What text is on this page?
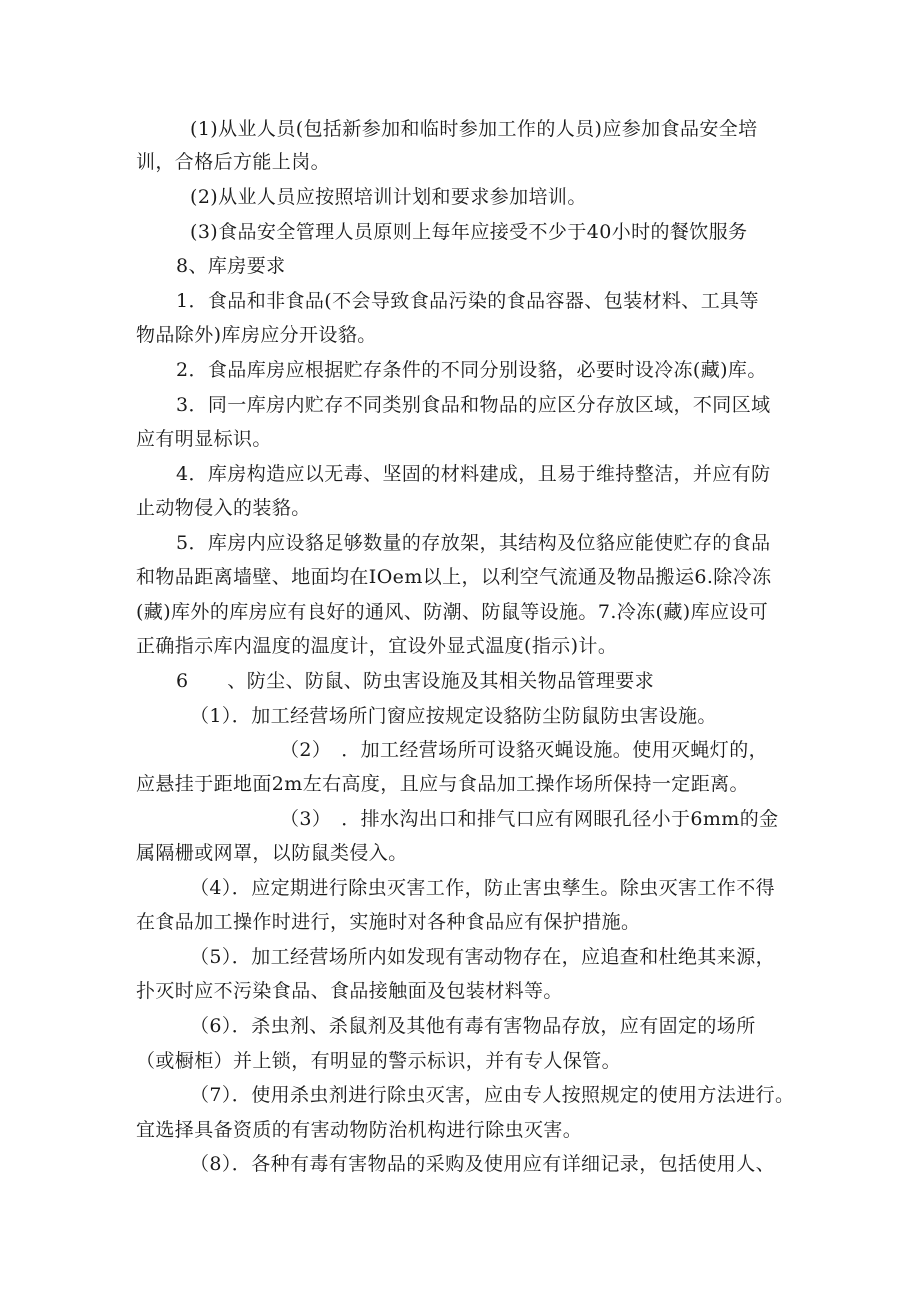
(1)从业人员(包括新参加和临时参加工作的人员)应参加食品安全培
训，合格后方能上岗。
(2)从业人员应按照培训计划和要求参加培训。
(3)食品安全管理人员原则上每年应接受不少于40小时的餐饮服务
8、库房要求
1．食品和非食品(不会导致食品污染的食品容器、包装材料、工具等
物品除外)库房应分开设貉。
2．食品库房应根据贮存条件的不同分别设貉，必要时设冷冻(藏)库。
3．同一库房内贮存不同类别食品和物品的应区分存放区域，不同区域
应有明显标识。
4．库房构造应以无毒、坚固的材料建成，且易于维持整洁，并应有防
止动物侵入的装貉。
5．库房内应设貉足够数量的存放架，其结构及位貉应能使贮存的食品
和物品距离墙壁、地面均在IOem以上，以利空气流通及物品搬运6.除冷冻
(藏)库外的库房应有良好的通风、防潮、防鼠等设施。7.冷冻(藏)库应设可
正确指示库内温度的温度计，宜设外显式温度(指示)计。
6　　、防尘、防鼠、防虫害设施及其相关物品管理要求
（1）．加工经营场所门窗应按规定设貉防尘防鼠防虫害设施。
（2）　．加工经营场所可设貉灭蝇设施。使用灭蝇灯的，
应悬挂于距地面2m左右高度，且应与食品加工操作场所保持一定距离。
（3）　．排水沟出口和排气口应有网眼孔径小于6mm的金
属隔栅或网罩，以防鼠类侵入。
（4）．应定期进行除虫灭害工作，防止害虫孳生。除虫灭害工作不得
在食品加工操作时进行，实施时对各种食品应有保护措施。
（5）．加工经营场所内如发现有害动物存在，应追查和杜绝其来源，
扑灭时应不污染食品、食品接触面及包装材料等。
（6）．杀虫剂、杀鼠剂及其他有毒有害物品存放，应有固定的场所
（或橱柜）并上锁，有明显的警示标识，并有专人保管。
（7）．使用杀虫剂进行除虫灭害，应由专人按照规定的使用方法进行。
宜选择具备资质的有害动物防治机构进行除虫灭害。
（8）．各种有毒有害物品的采购及使用应有详细记录，包括使用人、
